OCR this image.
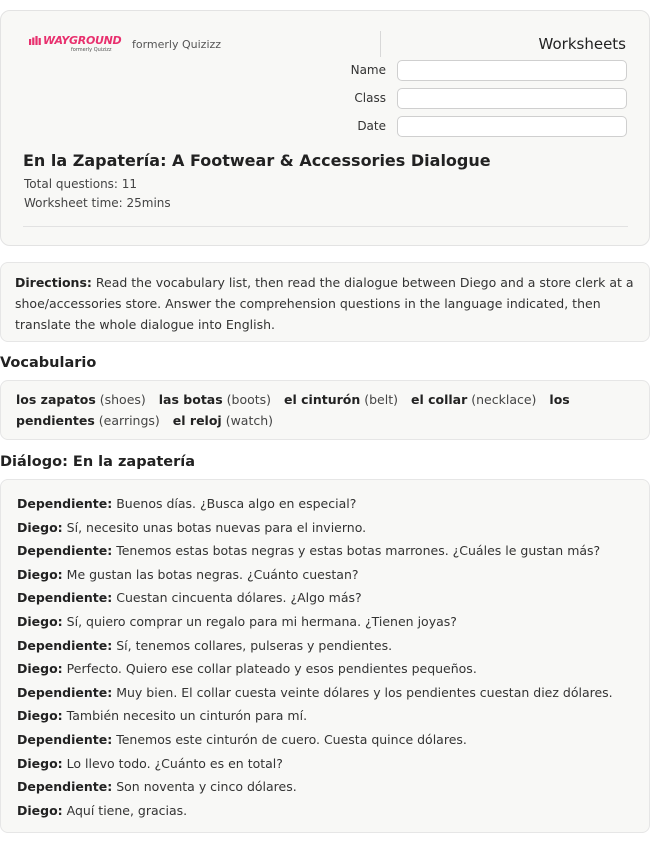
WAYGROUND
formerly Quizizz formerly Quizizz	Worksheets
Name
Class
Date
En la Zapatería: A Footwear & Accessories Dialogue
Total questions: 11
Worksheet time: 25mins
Directions: Read the vocabulary list, then read the dialogue between Diego and a store clerk at a shoe/accessories store. Answer the comprehension questions in the language indicated, then translate the whole dialogue into English.
Vocabulario
los zapatos (shoes) las botas (boots) el cinturón (belt) el collar (necklace) los pendientes (earrings) el reloj (watch)
Diálogo: En la zapatería
Dependiente: Buenos días. ¿Busca algo en especial?
Diego: Sí, necesito unas botas nuevas para el invierno.
Dependiente: Tenemos estas botas negras y estas botas marrones. ¿Cuáles le gustan más?
Diego: Me gustan las botas negras. ¿Cuánto cuestan?
Dependiente: Cuestan cincuenta dólares. ¿Algo más?
Diego: Sí, quiero comprar un regalo para mi hermana. ¿Tienen joyas?
Dependiente: Sí, tenemos collares, pulseras y pendientes.
Diego: Perfecto. Quiero ese collar plateado y esos pendientes pequeños.
Dependiente: Muy bien. El collar cuesta veinte dólares y los pendientes cuestan diez dólares.
Diego: También necesito un cinturón para mí.
Dependiente: Tenemos este cinturón de cuero. Cuesta quince dólares.
Diego: Lo llevo todo. ¿Cuánto es en total?
Dependiente: Son noventa y cinco dólares.
Diego: Aquí tiene, gracias.
